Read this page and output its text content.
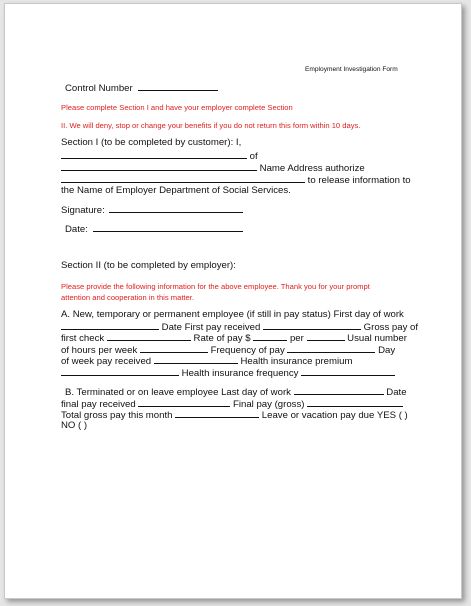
Employment Investigation Form
Control Number
Please complete Section I and have your employer complete Section
II. We will deny, stop or change your benefits if you do not return this form within 10 days.
Section I (to be completed by customer): I,
of
Name Address authorize
to release information to
the Name of Employer Department of Social Services.
Signature:
Date:
Section II (to be completed by employer):
Please provide the following information for the above employee. Thank you for your prompt
attention and cooperation in this matter.
A. New, temporary or permanent employee (if still in pay status) First day of work
Date First pay received	Gross pay of
first check	Rate of pay $	per	Usual number
of hours per week	Frequency of pay	Day
of week pay received	Health insurance premium
Health insurance frequency
B. Terminated or on leave employee Last day of work	Date
final pay received	Final pay (gross)
Total gross pay this month	Leave or vacation pay due YES ( )
NO ( )
